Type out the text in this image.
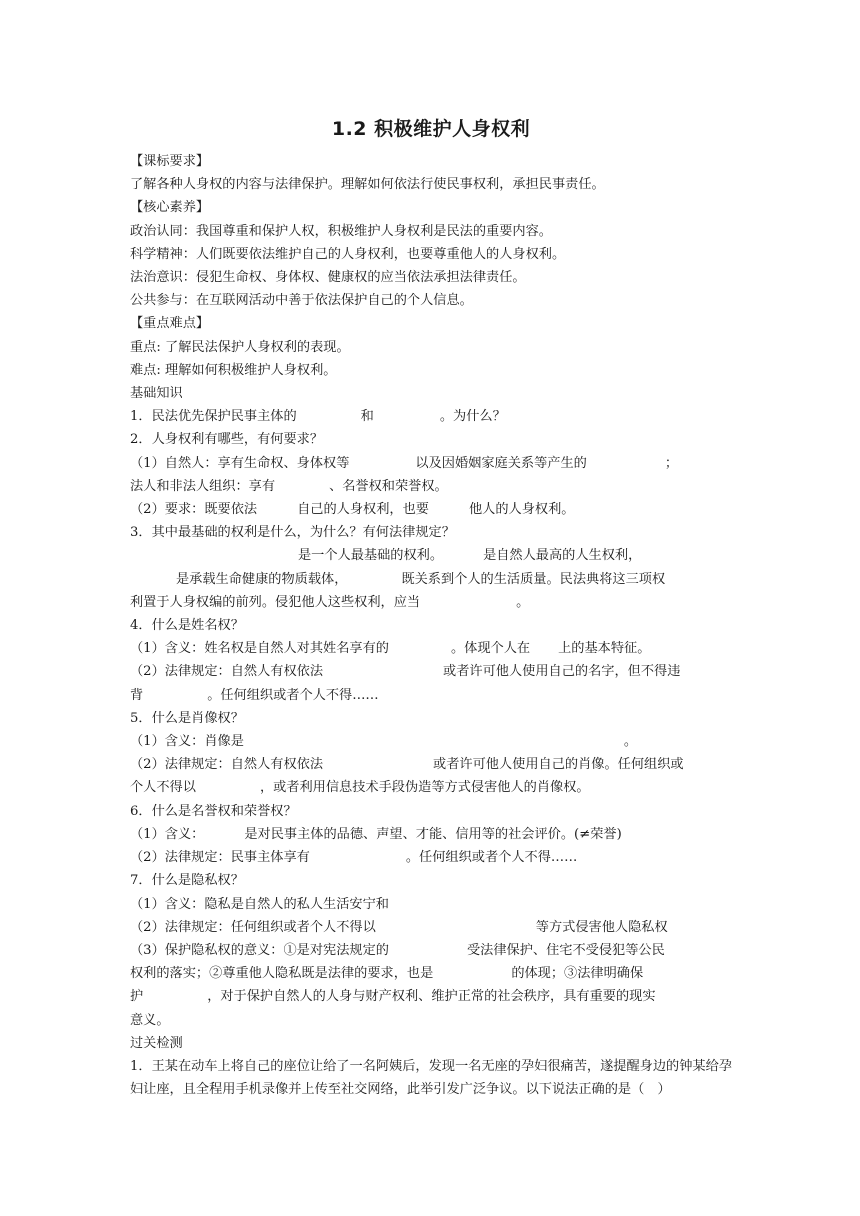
1.2 积极维护人身权利
【课标要求】
了解各种人身权的内容与法律保护。理解如何依法行使民事权利，承担民事责任。
【核心素养】
政治认同：我国尊重和保护人权，积极维护人身权利是民法的重要内容。
科学精神：人们既要依法维护自己的人身权利，也要尊重他人的人身权利。
法治意识：侵犯生命权、身体权、健康权的应当依法承担法律责任。
公共参与：在互联网活动中善于依法保护自己的个人信息。
【重点难点】
重点: 了解民法保护人身权利的表现。
难点: 理解如何积极维护人身权利。
基础知识
1．民法优先保护民事主体的	和	。为什么？
2．人身权利有哪些，有何要求？
（1）自然人：享有生命权、身体权等	以及因婚姻家庭关系等产生的	；
法人和非法人组织：享有	、名誉权和荣誉权。
（2）要求：既要依法	自己的人身权利，也要	他人的人身权利。
3．其中最基础的权利是什么，为什么？有何法律规定？
是一个人最基础的权利。	是自然人最高的人生权利，
是承载生命健康的物质载体，	既关系到个人的生活质量。民法典将这三项权
利置于人身权编的前列。侵犯他人这些权利，应当	。
4．什么是姓名权？
（1）含义：姓名权是自然人对其姓名享有的	。体现个人在 上的基本特征。
（2）法律规定：自然人有权依法	或者许可他人使用自己的名字，但不得违
背	。任何组织或者个人不得……
5．什么是肖像权？
（1）含义：肖像是	。
（2）法律规定：自然人有权依法	或者许可他人使用自己的肖像。任何组织或
个人不得以	，或者利用信息技术手段伪造等方式侵害他人的肖像权。
6．什么是名誉权和荣誉权？
（1）含义：	是对民事主体的品德、声望、才能、信用等的社会评价。(≠荣誉)
（2）法律规定：民事主体享有	。任何组织或者个人不得……
7．什么是隐私权？
（1）含义：隐私是自然人的私人生活安宁和
（2）法律规定：任何组织或者个人不得以	等方式侵害他人隐私权
（3）保护隐私权的意义：①是对宪法规定的	受法律保护、住宅不受侵犯等公民
权利的落实；②尊重他人隐私既是法律的要求，也是	的体现；③法律明确保
护	，对于保护自然人的人身与财产权利、维护正常的社会秩序，具有重要的现实
意义。
过关检测
1．王某在动车上将自己的座位让给了一名阿姨后，发现一名无座的孕妇很痛苦，遂提醒身边的钟某给孕妇让座，且全程用手机录像并上传至社交网络，此举引发广泛争议。以下说法正确的是（　）
